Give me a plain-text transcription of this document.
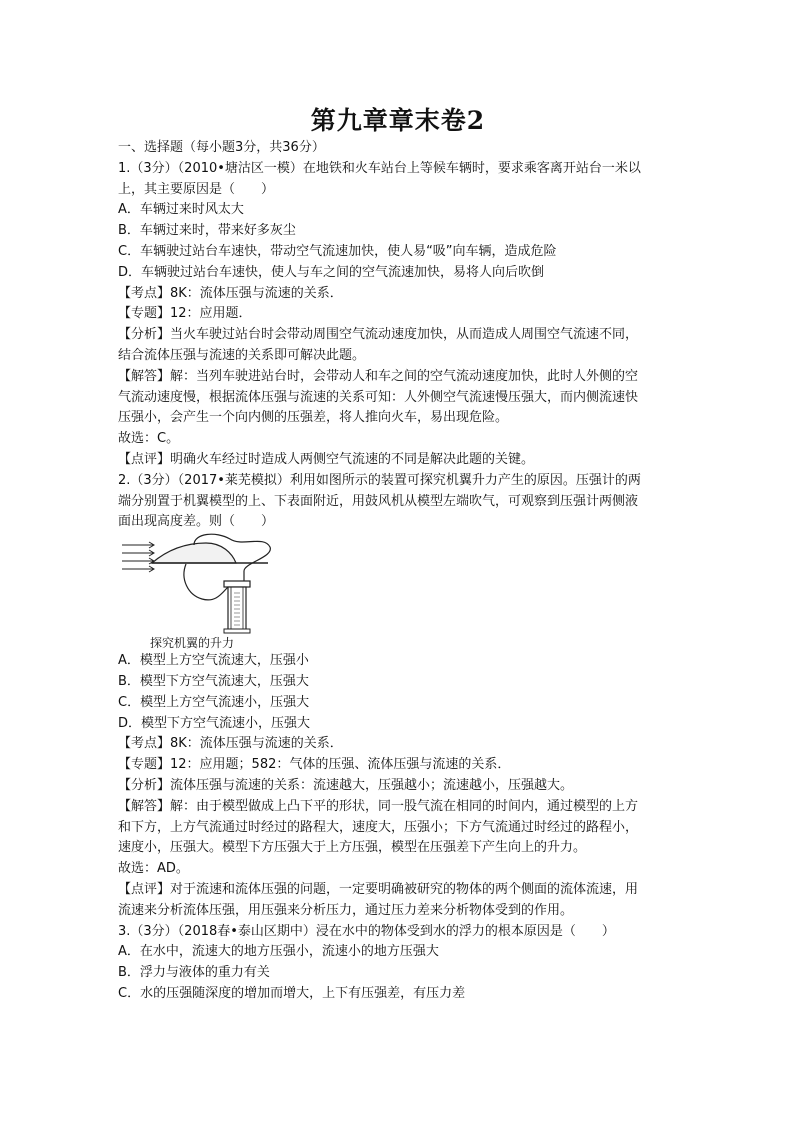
第九章章末卷2
一、选择题（每小题3分，共36分）
1.（3分）（2010•塘沽区一模）在地铁和火车站台上等候车辆时，要求乘客离开站台一米以
上，其主要原因是（　　）
A．车辆过来时风太大
B．车辆过来时，带来好多灰尘
C．车辆驶过站台车速快，带动空气流速加快，使人易“吸”向车辆，造成危险
D．车辆驶过站台车速快，使人与车之间的空气流速加快，易将人向后吹倒
【考点】8K：流体压强与流速的关系．
【专题】12：应用题．
【分析】当火车驶过站台时会带动周围空气流动速度加快，从而造成人周围空气流速不同，
结合流体压强与流速的关系即可解决此题。
【解答】解：当列车驶进站台时，会带动人和车之间的空气流动速度加快，此时人外侧的空
气流动速度慢，根据流体压强与流速的关系可知：人外侧空气流速慢压强大，而内侧流速快
压强小，会产生一个向内侧的压强差，将人推向火车，易出现危险。
故选：C。
【点评】明确火车经过时造成人两侧空气流速的不同是解决此题的关键。
2.（3分）（2017•莱芜模拟）利用如图所示的装置可探究机翼升力产生的原因。压强计的两
端分别置于机翼模型的上、下表面附近，用鼓风机从模型左端吹气，可观察到压强计两侧液
面出现高度差。则（　　）
探究机翼的升力
A．模型上方空气流速大，压强小
B．模型下方空气流速大，压强大
C．模型上方空气流速小，压强大
D．模型下方空气流速小，压强大
【考点】8K：流体压强与流速的关系．
【专题】12：应用题；582：气体的压强、流体压强与流速的关系．
【分析】流体压强与流速的关系：流速越大，压强越小；流速越小，压强越大。
【解答】解：由于模型做成上凸下平的形状，同一股气流在相同的时间内，通过模型的上方
和下方，上方气流通过时经过的路程大，速度大，压强小；下方气流通过时经过的路程小，
速度小，压强大。模型下方压强大于上方压强，模型在压强差下产生向上的升力。
故选：AD。
【点评】对于流速和流体压强的问题，一定要明确被研究的物体的两个侧面的流体流速，用
流速来分析流体压强，用压强来分析压力，通过压力差来分析物体受到的作用。
3.（3分）（2018春•泰山区期中）浸在水中的物体受到水的浮力的根本原因是（　　）
A．在水中，流速大的地方压强小，流速小的地方压强大
B．浮力与液体的重力有关
C．水的压强随深度的增加而增大，上下有压强差，有压力差
